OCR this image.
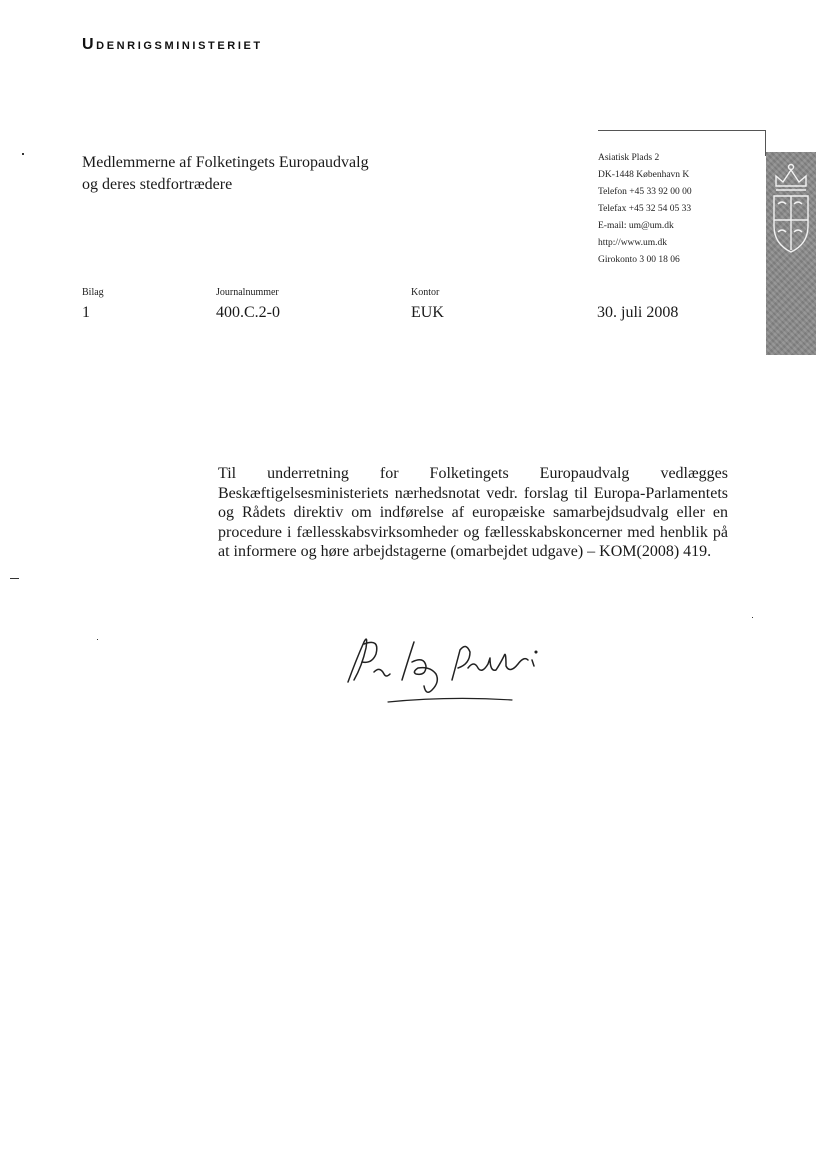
Udenrigsministeriet
Medlemmerne af Folketingets Europaudvalg
og deres stedfortrædere
Asiatisk Plads 2
DK-1448 København K
Telefon +45 33 92 00 00
Telefax +45 32 54 05 33
E-mail: um@um.dk
http://www.um.dk
Girokonto 3 00 18 06
Bilag
1
Journalnummer
400.C.2-0
Kontor
EUK	30. juli 2008
Til underretning for Folketingets Europaudvalg vedlægges Beskæftigelsesministeriets nærhedsnotat vedr. forslag til Europa-Parlamentets og Rådets direktiv om indførelse af europæiske samarbejdsudvalg eller en procedure i fællesskabsvirksomheder og fællesskabskoncerner med henblik på at informere og høre arbejdstagerne (omarbejdet udgave) – KOM(2008) 419.
